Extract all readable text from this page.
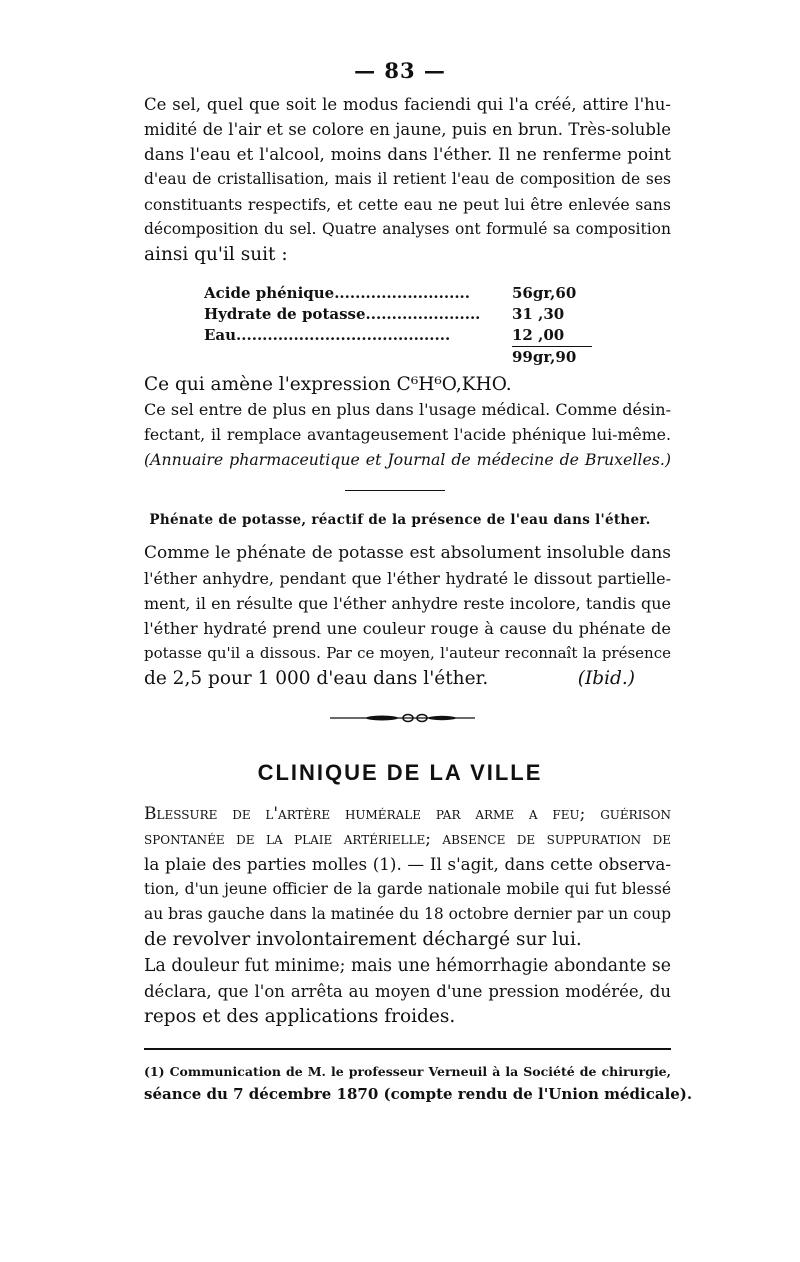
— 83 —
Ce sel, quel que soit le modus faciendi qui l'a créé, attire l'hu-
midité de l'air et se colore en jaune, puis en brun. Très-soluble
dans l'eau et l'alcool, moins dans l'éther. Il ne renferme point
d'eau de cristallisation, mais il retient l'eau de composition de ses
constituants respectifs, et cette eau ne peut lui être enlevée sans
décomposition du sel. Quatre analyses ont formulé sa composition
ainsi qu'il suit :
Acide phénique..........................	56gr,60
Hydrate de potasse......................	31 ,30
Eau.........................................	12 ,00
	99gr,90
Ce qui amène l'expression C⁶H⁶O,KHO.
Ce sel entre de plus en plus dans l'usage médical. Comme désin-
fectant, il remplace avantageusement l'acide phénique lui-même.
(Annuaire pharmaceutique et Journal de médecine de Bruxelles.)
Phénate de potasse, réactif de la présence de l'eau dans l'éther.
Comme le phénate de potasse est absolument insoluble dans
l'éther anhydre, pendant que l'éther hydraté le dissout partielle-
ment, il en résulte que l'éther anhydre reste incolore, tandis que
l'éther hydraté prend une couleur rouge à cause du phénate de
potasse qu'il a dissous. Par ce moyen, l'auteur reconnaît la présence
de 2,5 pour 1 000 d'eau dans l'éther.	(Ibid.)
CLINIQUE DE LA VILLE
Blessure de l'artère humérale par arme a feu; guérison
spontanée de la plaie artérielle; absence de suppuration de
la plaie des parties molles (1). — Il s'agit, dans cette observa-
tion, d'un jeune officier de la garde nationale mobile qui fut blessé
au bras gauche dans la matinée du 18 octobre dernier par un coup
de revolver involontairement déchargé sur lui.
La douleur fut minime; mais une hémorrhagie abondante se
déclara, que l'on arrêta au moyen d'une pression modérée, du
repos et des applications froides.
(1) Communication de M. le professeur Verneuil à la Société de chirurgie,
séance du 7 décembre 1870 (compte rendu de l'Union médicale).
